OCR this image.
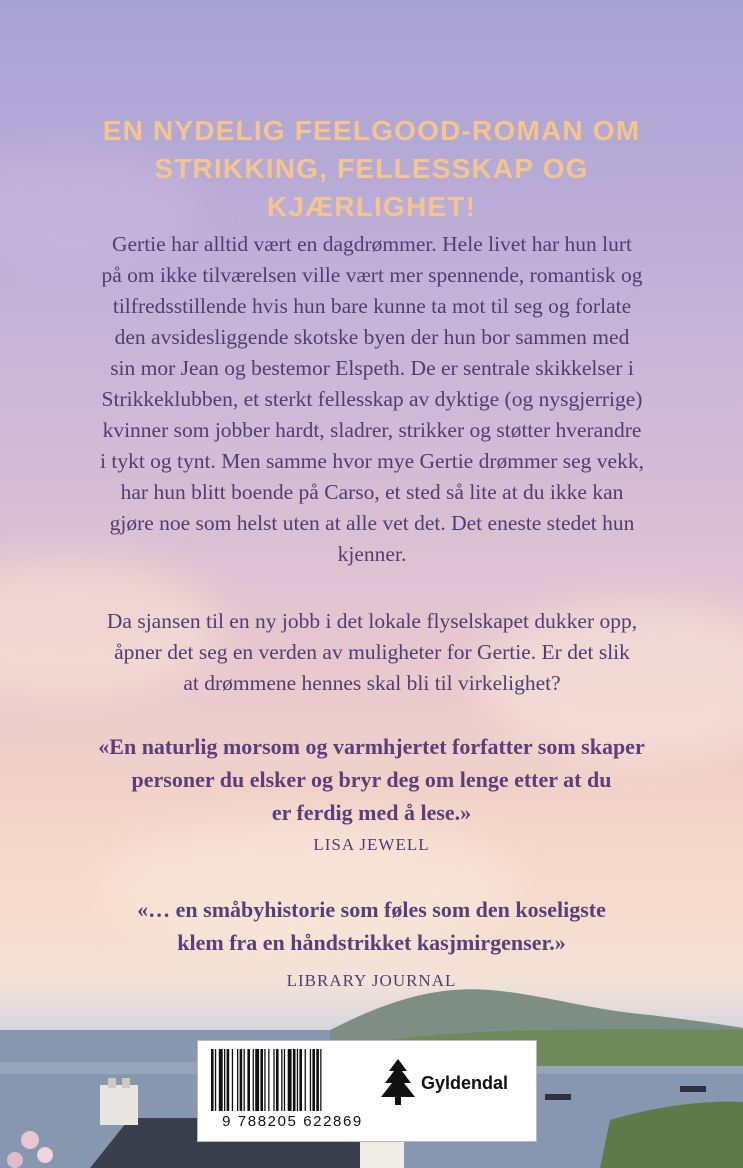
EN NYDELIG FEELGOOD-ROMAN OM
STRIKKING, FELLESSKAP OG KJÆRLIGHET!

Gertie har alltid vært en dagdrømmer. Hele livet har hun lurt
på om ikke tilværelsen ville vært mer spennende, romantisk og
tilfredsstillende hvis hun bare kunne ta mot til seg og forlate
den avsidesliggende skotske byen der hun bor sammen med
sin mor Jean og bestemor Elspeth. De er sentrale skikkelser i
Strikkeklubben, et sterkt fellesskap av dyktige (og nysgjerrige)
kvinner som jobber hardt, sladrer, strikker og støtter hverandre
i tykt og tynt. Men samme hvor mye Gertie drømmer seg vekk,
har hun blitt boende på Carso, et sted så lite at du ikke kan
gjøre noe som helst uten at alle vet det. Det eneste stedet hun
kjenner.

Da sjansen til en ny jobb i det lokale flyselskapet dukker opp,
åpner det seg en verden av muligheter for Gertie. Er det slik
at drømmene hennes skal bli til virkelighet?

«En naturlig morsom og varmhjertet forfatter som skaper
personer du elsker og bryr deg om lenge etter at du
er ferdig med å lese.»

LISA JEWELL

«… en småbyhistorie som føles som den koseligste
klem fra en håndstrikket kasjmirgenser.»

LIBRARY JOURNAL

9 788205 622869
Gyldendal
